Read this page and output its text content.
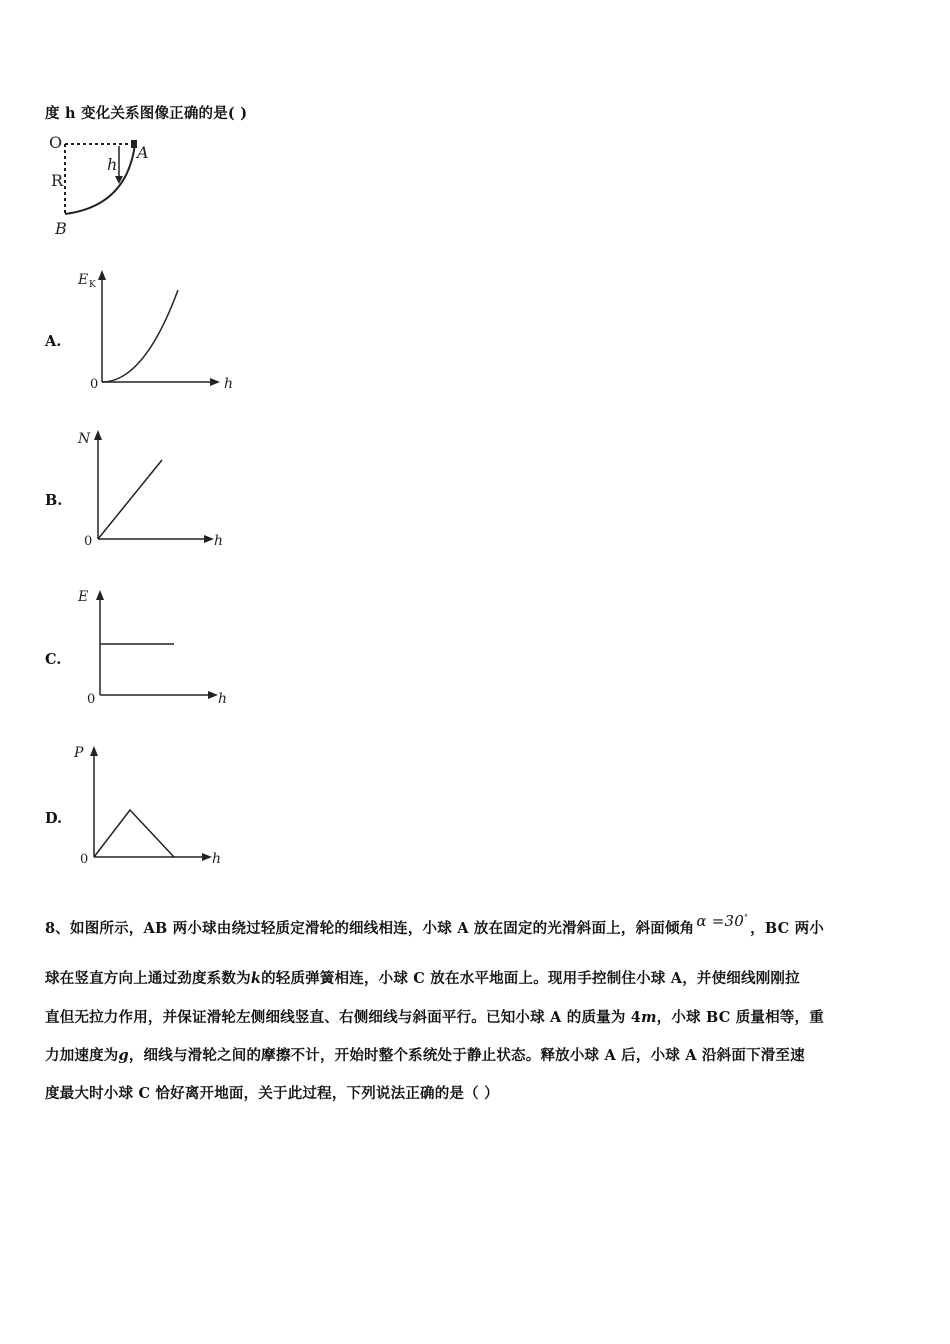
度 h 变化关系图像正确的是( )
O
R
h
A
B
A.
E K
0	h
B.
N
0	h
C.
E
0	h
D.
P
0	h
8、如图所示，AB 两小球由绕过轻质定滑轮的细线相连，小球 A 放在固定的光滑斜面上，斜面倾角 α =30°，BC 两小
球在竖直方向上通过劲度系数为k的轻质弹簧相连，小球 C 放在水平地面上。现用手控制住小球 A，并使细线刚刚拉
直但无拉力作用，并保证滑轮左侧细线竖直、右侧细线与斜面平行。已知小球 A 的质量为 4m，小球 BC 质量相等，重
力加速度为g，细线与滑轮之间的摩擦不计，开始时整个系统处于静止状态。释放小球 A 后，小球 A 沿斜面下滑至速
度最大时小球 C 恰好离开地面，关于此过程，下列说法正确的是（ ）
